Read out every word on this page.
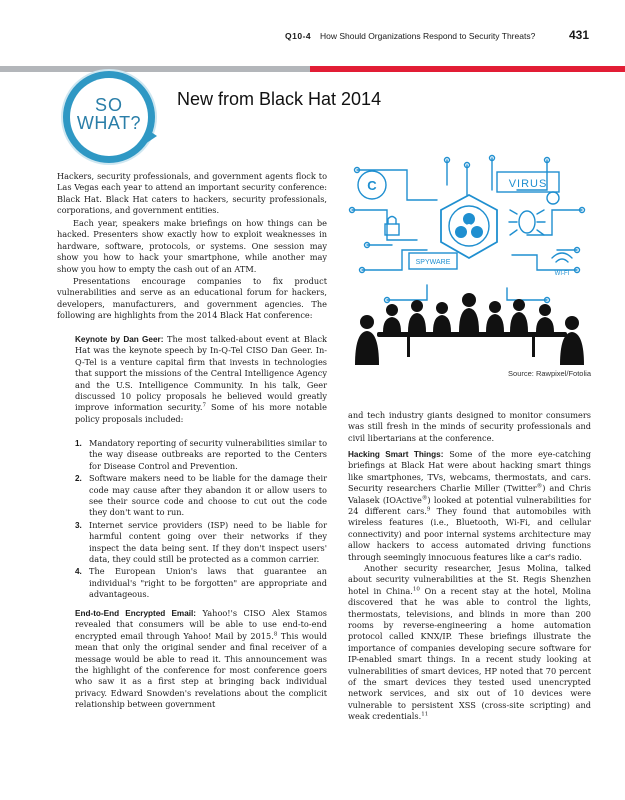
Q10-4 How Should Organizations Respond to Security Threats?	431
SO
WHAT?
New from Black Hat 2014
C	VIRUS
SPYWARE
WI-FI
Source: Rawpixel/Fotolia

Hackers, security professionals, and government agents flock to Las Vegas each year to attend an important security conference: Black Hat. Black Hat caters to hackers, security professionals, corporations, and government entities.

Each year, speakers make briefings on how things can be hacked. Presenters show exactly how to exploit weaknesses in hardware, software, protocols, or systems. One session may show you how to hack your smartphone, while another may show you how to empty the cash out of an ATM.

Presentations encourage companies to fix product vulnerabilities and serve as an educational forum for hackers, developers, manufacturers, and government agencies. The following are highlights from the 2014 Black Hat conference:

Keynote by Dan Geer: The most talked-about event at Black Hat was the keynote speech by In-Q-Tel CISO Dan Geer. In-Q-Tel is a venture capital firm that invests in technologies that support the missions of the Central Intelligence Agency and the U.S. Intelligence Community. In his talk, Geer discussed 10 policy proposals he believed would greatly improve information security.$^7$ Some of his more notable policy proposals included:

1. Mandatory reporting of security vulnerabilities similar to the way disease outbreaks are reported to the Centers for Disease Control and Prevention.
2. Software makers need to be liable for the damage their code may cause after they abandon it or allow users to see their source code and choose to cut out the code they don't want to run.
3. Internet service providers (ISP) need to be liable for harmful content going over their networks if they inspect the data being sent. If they don't inspect users' data, they could still be protected as a common carrier.
4. The European Union's laws that guarantee an individual's "right to be forgotten" are appropriate and advantageous.

End-to-End Encrypted Email: Yahoo!'s CISO Alex Stamos revealed that consumers will be able to use end-to-end encrypted email through Yahoo! Mail by 2015.$^8$ This would mean that only the original sender and final receiver of a message would be able to read it. This announcement was the highlight of the conference for most conference goers who saw it as a first step at bringing back individual privacy. Edward Snowden's revelations about the complicit relationship between government

and tech industry giants designed to monitor consumers was still fresh in the minds of security professionals and civil libertarians at the conference.

Hacking Smart Things: Some of the more eye-catching briefings at Black Hat were about hacking smart things like smartphones, TVs, webcams, thermostats, and cars. Security researchers Charlie Miller (Twitter®) and Chris Valasek (IOActive®) looked at potential vulnerabilities for 24 different cars.$^9$ They found that automobiles with wireless features (i.e., Bluetooth, Wi-Fi, and cellular connectivity) and poor internal systems architecture may allow hackers to access automated driving functions through seemingly innocuous features like a car's radio.

Another security researcher, Jesus Molina, talked about security vulnerabilities at the St. Regis Shenzhen hotel in China.$^{10}$ On a recent stay at the hotel, Molina discovered that he was able to control the lights, thermostats, televisions, and blinds in more than 200 rooms by reverse-engineering a home automation protocol called KNX/IP. These briefings illustrate the importance of companies developing secure software for IP-enabled smart things. In a recent study looking at vulnerabilities of smart devices, HP noted that 70 percent of the smart devices they tested used unencrypted network services, and six out of 10 devices were vulnerable to persistent XSS (cross-site scripting) and weak credentials.$^{11}$
